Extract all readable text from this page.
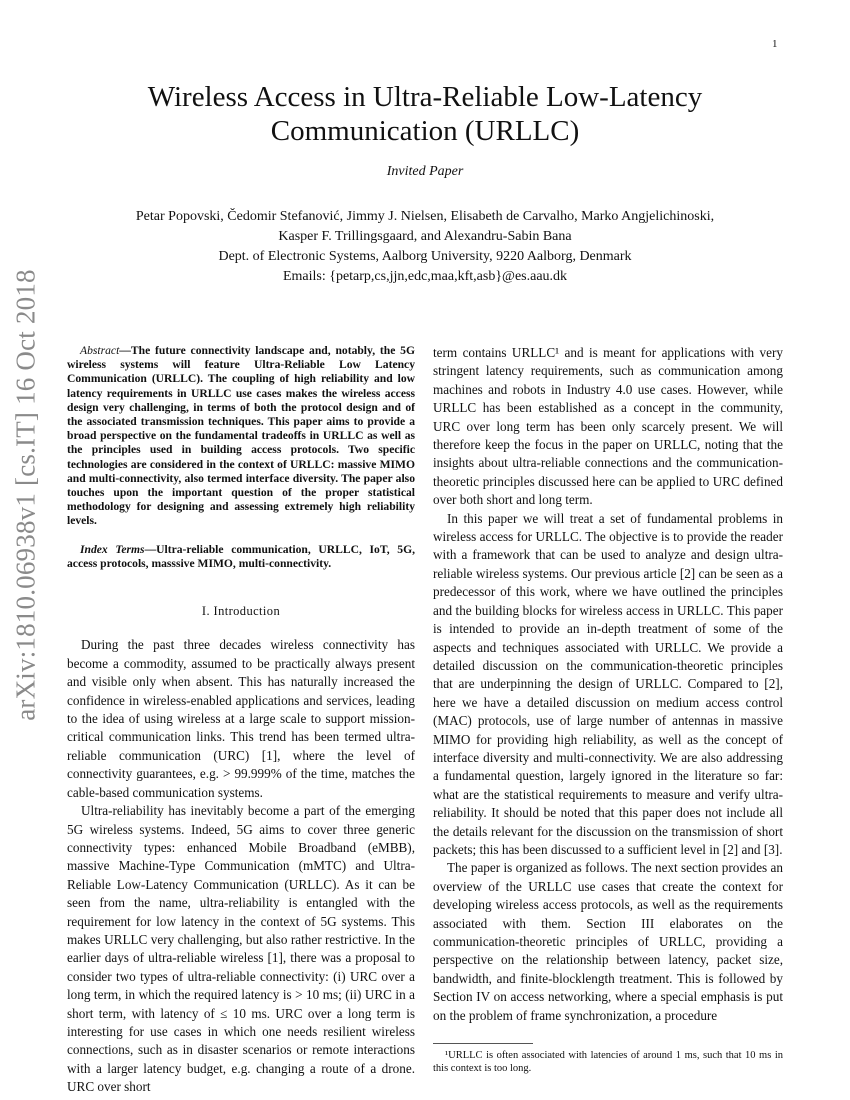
1
arXiv:1810.06938v1 [cs.IT] 16 Oct 2018
Wireless Access in Ultra-Reliable Low-Latency Communication (URLLC)
Invited Paper
Petar Popovski, Čedomir Stefanović, Jimmy J. Nielsen, Elisabeth de Carvalho, Marko Angjelichinoski,
Kasper F. Trillingsgaard, and Alexandru-Sabin Bana
Dept. of Electronic Systems, Aalborg University, 9220 Aalborg, Denmark
Emails: {petarp,cs,jjn,edc,maa,kft,asb}@es.aau.dk

Abstract—The future connectivity landscape and, notably, the 5G wireless systems will feature Ultra-Reliable Low Latency Communication (URLLC). The coupling of high reliability and low latency requirements in URLLC use cases makes the wireless access design very challenging, in terms of both the protocol design and of the associated transmission techniques. This paper aims to provide a broad perspective on the fundamental tradeoffs in URLLC as well as the principles used in building access protocols. Two specific technologies are considered in the context of URLLC: massive MIMO and multi-connectivity, also termed interface diversity. The paper also touches upon the important question of the proper statistical methodology for designing and assessing extremely high reliability levels.

Index Terms—Ultra-reliable communication, URLLC, IoT, 5G, access protocols, masssive MIMO, multi-connectivity.

I. Introduction

During the past three decades wireless connectivity has become a commodity, assumed to be practically always present and visible only when absent. This has naturally increased the confidence in wireless-enabled applications and services, leading to the idea of using wireless at a large scale to support mission-critical communication links. This trend has been termed ultra-reliable communication (URC) [1], where the level of connectivity guarantees, e.g. > 99.999% of the time, matches the cable-based communication systems.

Ultra-reliability has inevitably become a part of the emerging 5G wireless systems. Indeed, 5G aims to cover three generic connectivity types: enhanced Mobile Broadband (eMBB), massive Machine-Type Communication (mMTC) and Ultra-Reliable Low-Latency Communication (URLLC). As it can be seen from the name, ultra-reliability is entangled with the requirement for low latency in the context of 5G systems. This makes URLLC very challenging, but also rather restrictive. In the earlier days of ultra-reliable wireless [1], there was a proposal to consider two types of ultra-reliable connectivity: (i) URC over a long term, in which the required latency is > 10 ms; (ii) URC in a short term, with latency of ≤ 10 ms. URC over a long term is interesting for use cases in which one needs resilient wireless connections, such as in disaster scenarios or remote interactions with a larger latency budget, e.g. changing a route of a drone. URC over short

term contains URLLC¹ and is meant for applications with very stringent latency requirements, such as communication among machines and robots in Industry 4.0 use cases. However, while URLLC has been established as a concept in the community, URC over long term has been only scarcely present. We will therefore keep the focus in the paper on URLLC, noting that the insights about ultra-reliable connections and the communication-theoretic principles discussed here can be applied to URC defined over both short and long term.

In this paper we will treat a set of fundamental problems in wireless access for URLLC. The objective is to provide the reader with a framework that can be used to analyze and design ultra-reliable wireless systems. Our previous article [2] can be seen as a predecessor of this work, where we have outlined the principles and the building blocks for wireless access in URLLC. This paper is intended to provide an in-depth treatment of some of the aspects and techniques associated with URLLC. We provide a detailed discussion on the communication-theoretic principles that are underpinning the design of URLLC. Compared to [2], here we have a detailed discussion on medium access control (MAC) protocols, use of large number of antennas in massive MIMO for providing high reliability, as well as the concept of interface diversity and multi-connectivity. We are also addressing a fundamental question, largely ignored in the literature so far: what are the statistical requirements to measure and verify ultra-reliability. It should be noted that this paper does not include all the details relevant for the discussion on the transmission of short packets; this has been discussed to a sufficient level in [2] and [3].

The paper is organized as follows. The next section provides an overview of the URLLC use cases that create the context for developing wireless access protocols, as well as the requirements associated with them. Section III elaborates on the communication-theoretic principles of URLLC, providing a perspective on the relationship between latency, packet size, bandwidth, and finite-blocklength treatment. This is followed by Section IV on access networking, where a special emphasis is put on the problem of frame synchronization, a procedure

¹URLLC is often associated with latencies of around 1 ms, such that 10 ms in this context is too long.
